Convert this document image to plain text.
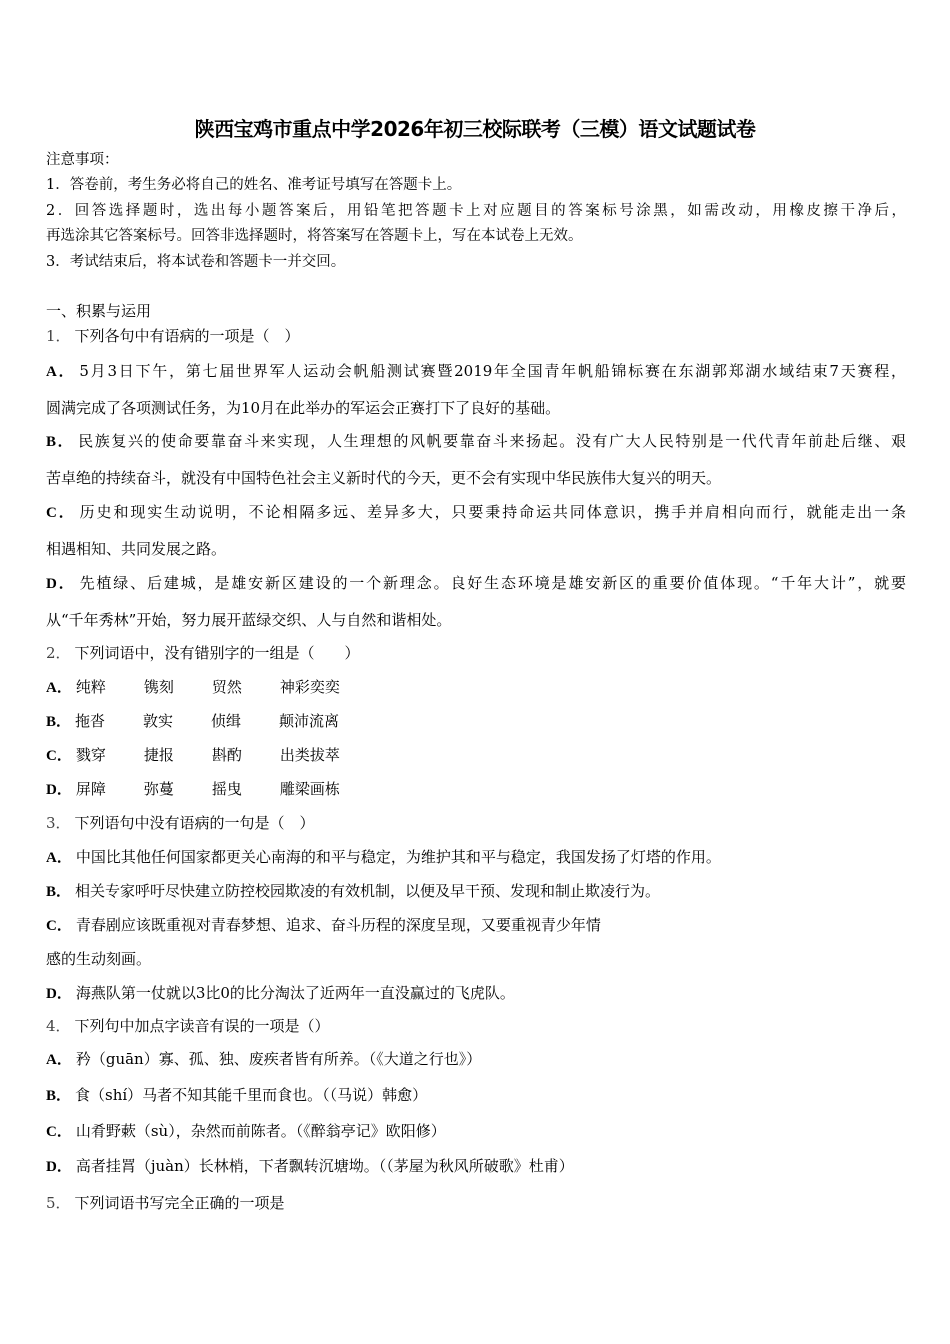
陕西宝鸡市重点中学2026年初三校际联考（三模）语文试题试卷
注意事项：
1．答卷前，考生务必将自己的姓名、准考证号填写在答题卡上。
2．回答选择题时，选出每小题答案后，用铅笔把答题卡上对应题目的答案标号涂黑，如需改动，用橡皮擦干净后，
再选涂其它答案标号。回答非选择题时，将答案写在答题卡上，写在本试卷上无效。
3．考试结束后，将本试卷和答题卡一并交回。
一、积累与运用
1． 下列各句中有语病的一项是（　）
A． 5月3日下午，第七届世界军人运动会帆船测试赛暨2019年全国青年帆船锦标赛在东湖郭郑湖水域结束7天赛程，
圆满完成了各项测试任务，为10月在此举办的军运会正赛打下了良好的基础。
B． 民族复兴的使命要靠奋斗来实现，人生理想的风帆要靠奋斗来扬起。没有广大人民特别是一代代青年前赴后继、艰
苦卓绝的持续奋斗，就没有中国特色社会主义新时代的今天，更不会有实现中华民族伟大复兴的明天。
C． 历史和现实生动说明，不论相隔多远、差异多大，只要秉持命运共同体意识，携手并肩相向而行，就能走出一条
相遇相知、共同发展之路。
D． 先植绿、后建城，是雄安新区建设的一个新理念。良好生态环境是雄安新区的重要价值体现。“千年大计”，就要
从“千年秀林”开始，努力展开蓝绿交织、人与自然和谐相处。
2． 下列词语中，没有错别字的一组是（　　）
A． 纯粹	镌刻	贸然	神彩奕奕
B． 拖沓	敦实	侦缉	颠沛流离
C． 戮穿	捷报	斟酌	出类拔萃
D． 屏障	弥蔓	摇曳	雕梁画栋
3． 下列语句中没有语病的一句是（　）
A． 中国比其他任何国家都更关心南海的和平与稳定，为维护其和平与稳定，我国发扬了灯塔的作用。
B． 相关专家呼吁尽快建立防控校园欺凌的有效机制，以便及早干预、发现和制止欺凌行为。
C． 青春剧应该既重视对青春梦想、追求、奋斗历程的深度呈现，又要重视青少年情
感的生动刻画。
D． 海燕队第一仗就以3比0的比分淘汰了近两年一直没赢过的飞虎队。
4． 下列句中加点字读音有误的一项是（）
A． 矜（guān）寡、孤、独、废疾者皆有所养。（《大道之行也》）
B． 食（shí）马者不知其能千里而食也。（（马说）韩愈）
C． 山肴野蔌（sù），杂然而前陈者。（《醉翁亭记》欧阳修）
D． 高者挂罥（juàn）长林梢，下者飘转沉塘坳。（（茅屋为秋风所破歌》杜甫）
5． 下列词语书写完全正确的一项是
